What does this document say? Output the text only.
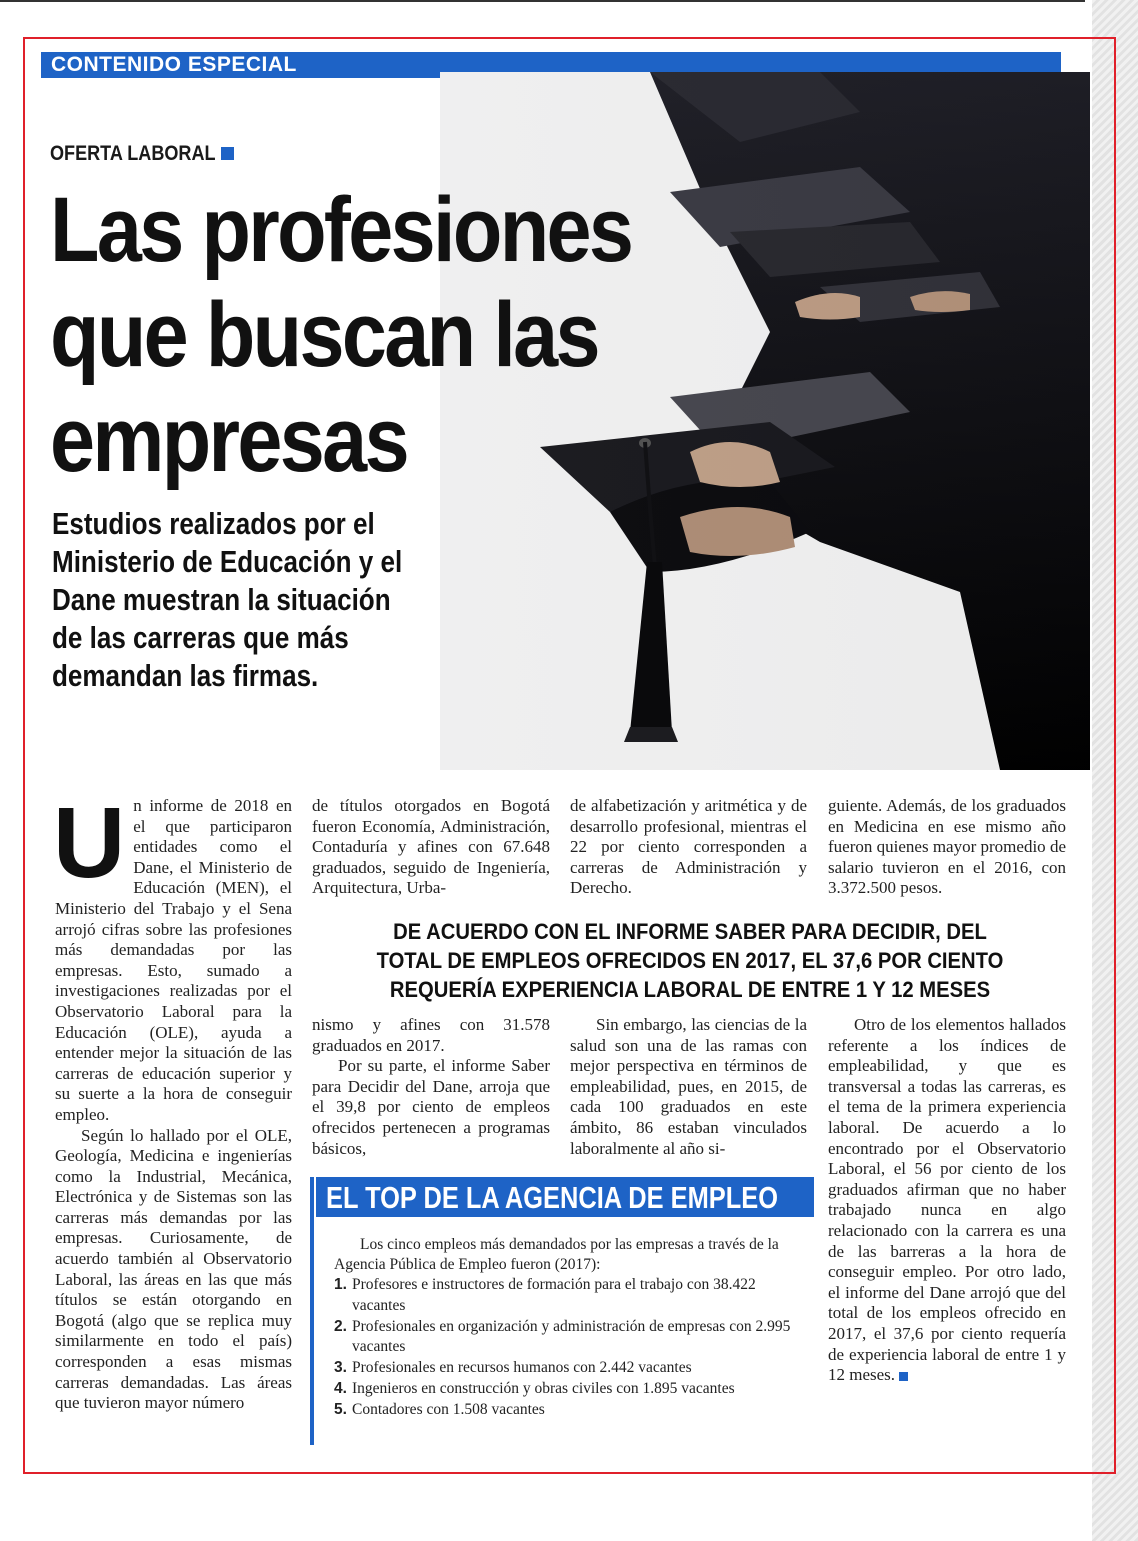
CONTENIDO ESPECIAL
OFERTA LABORAL
Las profesiones
que buscan las
empresas
Estudios realizados por el
Ministerio de Educación y el
Dane muestran la situación
de las carreras que más
demandan las firmas.
U n informe de 2018 en el que participaron entidades como el Dane, el Ministerio de Educación (MEN), el Ministerio del Trabajo y el Sena arrojó cifras sobre las profesiones más demandadas por las empresas. Esto, sumado a investigaciones realizadas por el Observatorio Laboral para la Educación (OLE), ayuda a entender mejor la situación de las carreras de educación superior y su suerte a la hora de conseguir empleo.

Según lo hallado por el OLE, Geología, Medicina e ingenierías como la Industrial, Mecánica, Electrónica y de Sistemas son las carreras más demandas por las empresas. Curiosamente, de acuerdo también al Observatorio Laboral, las áreas en las que más títulos se están otorgando en Bogotá (algo que se replica muy similarmente en todo el país) corresponden a esas mismas carreras demandadas. Las áreas que tuvieron mayor número

de títulos otorgados en Bogotá fueron Economía, Administración, Contaduría y afines con 67.648 graduados, seguido de Ingeniería, Arquitectura, Urba-

de alfabetización y aritmética y de desarrollo profesional, mientras el 22 por ciento corresponden a carreras de Administración y Derecho.

guiente. Además, de los graduados en Medicina en ese mismo año fueron quienes mayor promedio de salario tuvieron en el 2016, con 3.372.500 pesos.

DE ACUERDO CON EL INFORME SABER PARA DECIDIR, DEL
TOTAL DE EMPLEOS OFRECIDOS EN 2017, EL 37,6 POR CIENTO
REQUERÍA EXPERIENCIA LABORAL DE ENTRE 1 Y 12 MESES

nismo y afines con 31.578 graduados en 2017.

Por su parte, el informe Saber para Decidir del Dane, arroja que el 39,8 por ciento de empleos ofrecidos pertenecen a programas básicos,

Sin embargo, las ciencias de la salud son una de las ramas con mejor perspectiva en términos de empleabilidad, pues, en 2015, de cada 100 graduados en este ámbito, 86 estaban vinculados laboralmente al año si-

Otro de los elementos hallados referente a los índices de empleabilidad, y que es transversal a todas las carreras, es el tema de la primera experiencia laboral. De acuerdo a lo encontrado por el Observatorio Laboral, el 56 por ciento de los graduados afirman que no haber trabajado nunca en algo relacionado con la carrera es una de las barreras a la hora de conseguir empleo. Por otro lado, el informe del Dane arrojó que del total de los empleos ofrecido en 2017, el 37,6 por ciento requería de experiencia laboral de entre 1 y 12 meses.

EL TOP DE LA AGENCIA DE EMPLEO
Los cinco empleos más demandados por las empresas a través de la Agencia Pública de Empleo fueron (2017):
1. Profesores e instructores de formación para el trabajo con 38.422 vacantes
2. Profesionales en organización y administración de empresas con 2.995 vacantes
3. Profesionales en recursos humanos con 2.442 vacantes
4. Ingenieros en construcción y obras civiles con 1.895 vacantes
5. Contadores con 1.508 vacantes
